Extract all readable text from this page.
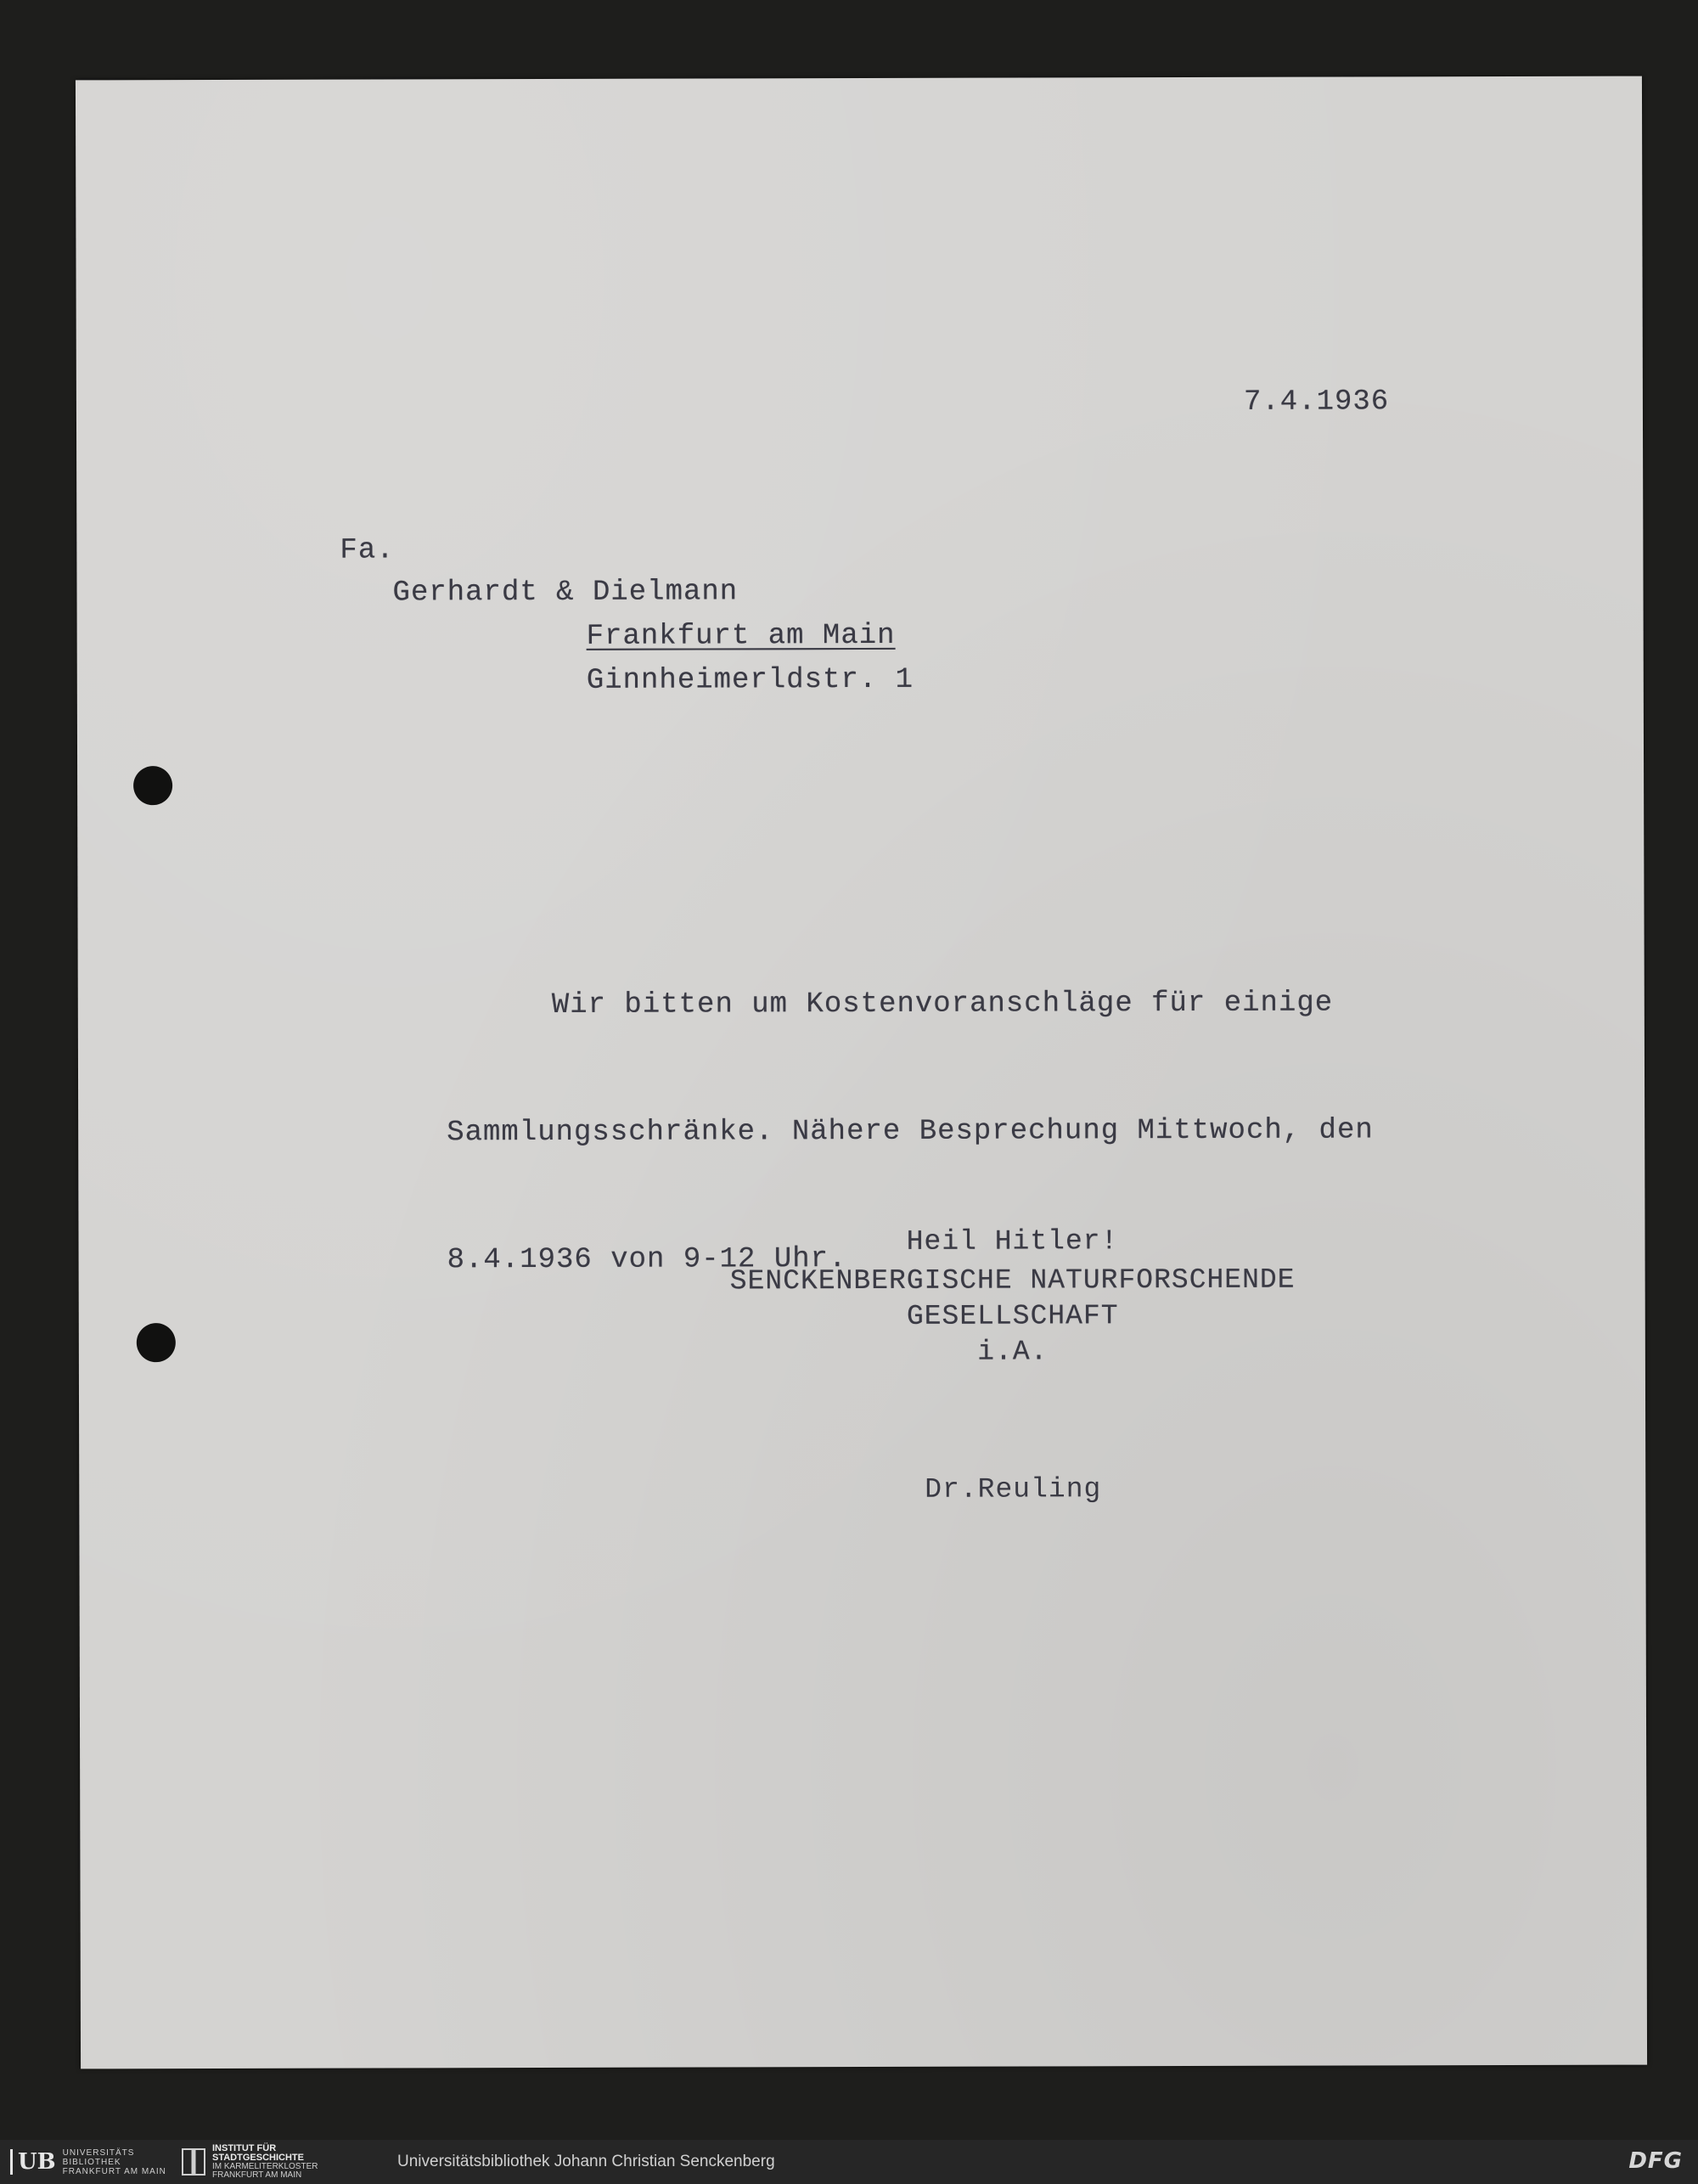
7.4.1936
Fa.
Gerhardt & Dielmann
Frankfurt am Main
Ginnheimerldstr. 1

Wir bitten um Kostenvoranschläge für einige

Sammlungsschränke. Nähere Besprechung Mittwoch, den

8.4.1936 von 9-12 Uhr.

Heil Hitler!
SENCKENBERGISCHE NATURFORSCHENDE
GESELLSCHAFT
i.A.
Dr.Reuling
UB UNIVERSITÄTS
BIBLIOTHEK
FRANKFURT AM MAIN
INSTITUT FÜR
STADTGESCHICHTE
IM KARMELITERKLOSTER
FRANKFURT AM MAIN
Universitätsbibliothek Johann Christian Senckenberg	DFG
